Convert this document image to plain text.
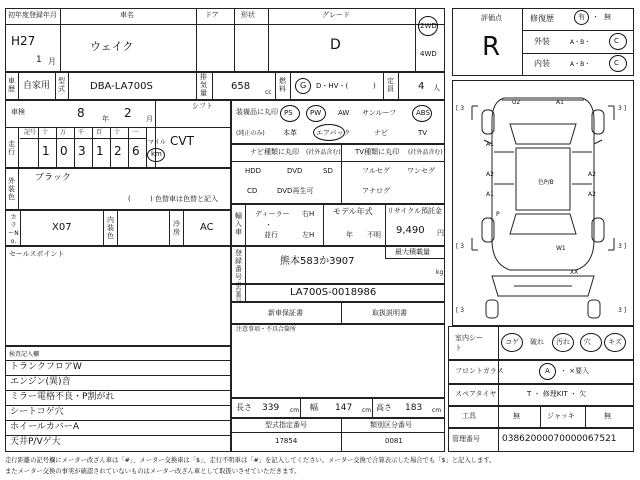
初年度登録年月	車名	ドア	形状	グレード
H27
1 月
ウェイク	D
2WD
4WD
車歴 自家用 型式	DBA-LA700S
排気量
658
cc
燃料 G D・HV・(	)
定員 4 人
車検	8 年 2 月
シフト
CVT
走行
記号 十 万 千 百 十 一
1 0 3 1 2 6
マイル
km
外装色
ブラック
(	) 色替車は色替と記入
カラーNo.
X07
内装色
冷房 AC
セールスポイント
検査記入欄
トランクフロアW
エンジン(異)音
ミラー電格不良・P割がれ
シートコゲ穴
ホイールカバーA
天井P/Vゲ大
装備品に丸印
(純正のみ)
PS PW AW サンルーフ	ABS
本革	エアバック	ナビ	TV
ナビ種類に丸印 (社外品含む) TV種類に丸印 (社外品含む)
HDD	DVD	SD
CD	DVD再生可
フルセグ ワンセグ
アナログ
輸入車
ディーラー
並行
・
右H
左H
モデル年式
年 不明
リサイクル預託金
9,490 円
登録番号
熊本583か3907
最大積載量
kg
車台番号
LA700S-0018986
新車保証書	取扱説明書
注意事項・不具合箇所
長さ 339 cm 幅 147 cm 高さ 183 cm
型式指定番号	類別区分番号
17854	0081
評価点
R
修復歴	有 ・ 無
外装	A・B・	C
内装	A・B・	C
[ 3	3 ]
[ 3	3 ]
[ 3	3 ]
U2	A1
A1
A2
A1
A2
A2
色P/B
P
W1
XX
室内シート
コゲ 破れ 汚れ 穴 キズ
フロントガラス	A ・ ×要入
スペアタイヤ	T ・ 修理KIT ・ 欠
工具	無	ジャッキ	無
管理番号 03862000070000067521
走行距離の記号欄にメーター改ざん車は「#」、メーター交換車は「$」、走行不明車は「#」を記入してください。メーター交換で合算表示した場合でも「$」と記入します。
またメーター交換の事実が確認されていないものはメーター改ざん車として取扱いさせていただきます。
